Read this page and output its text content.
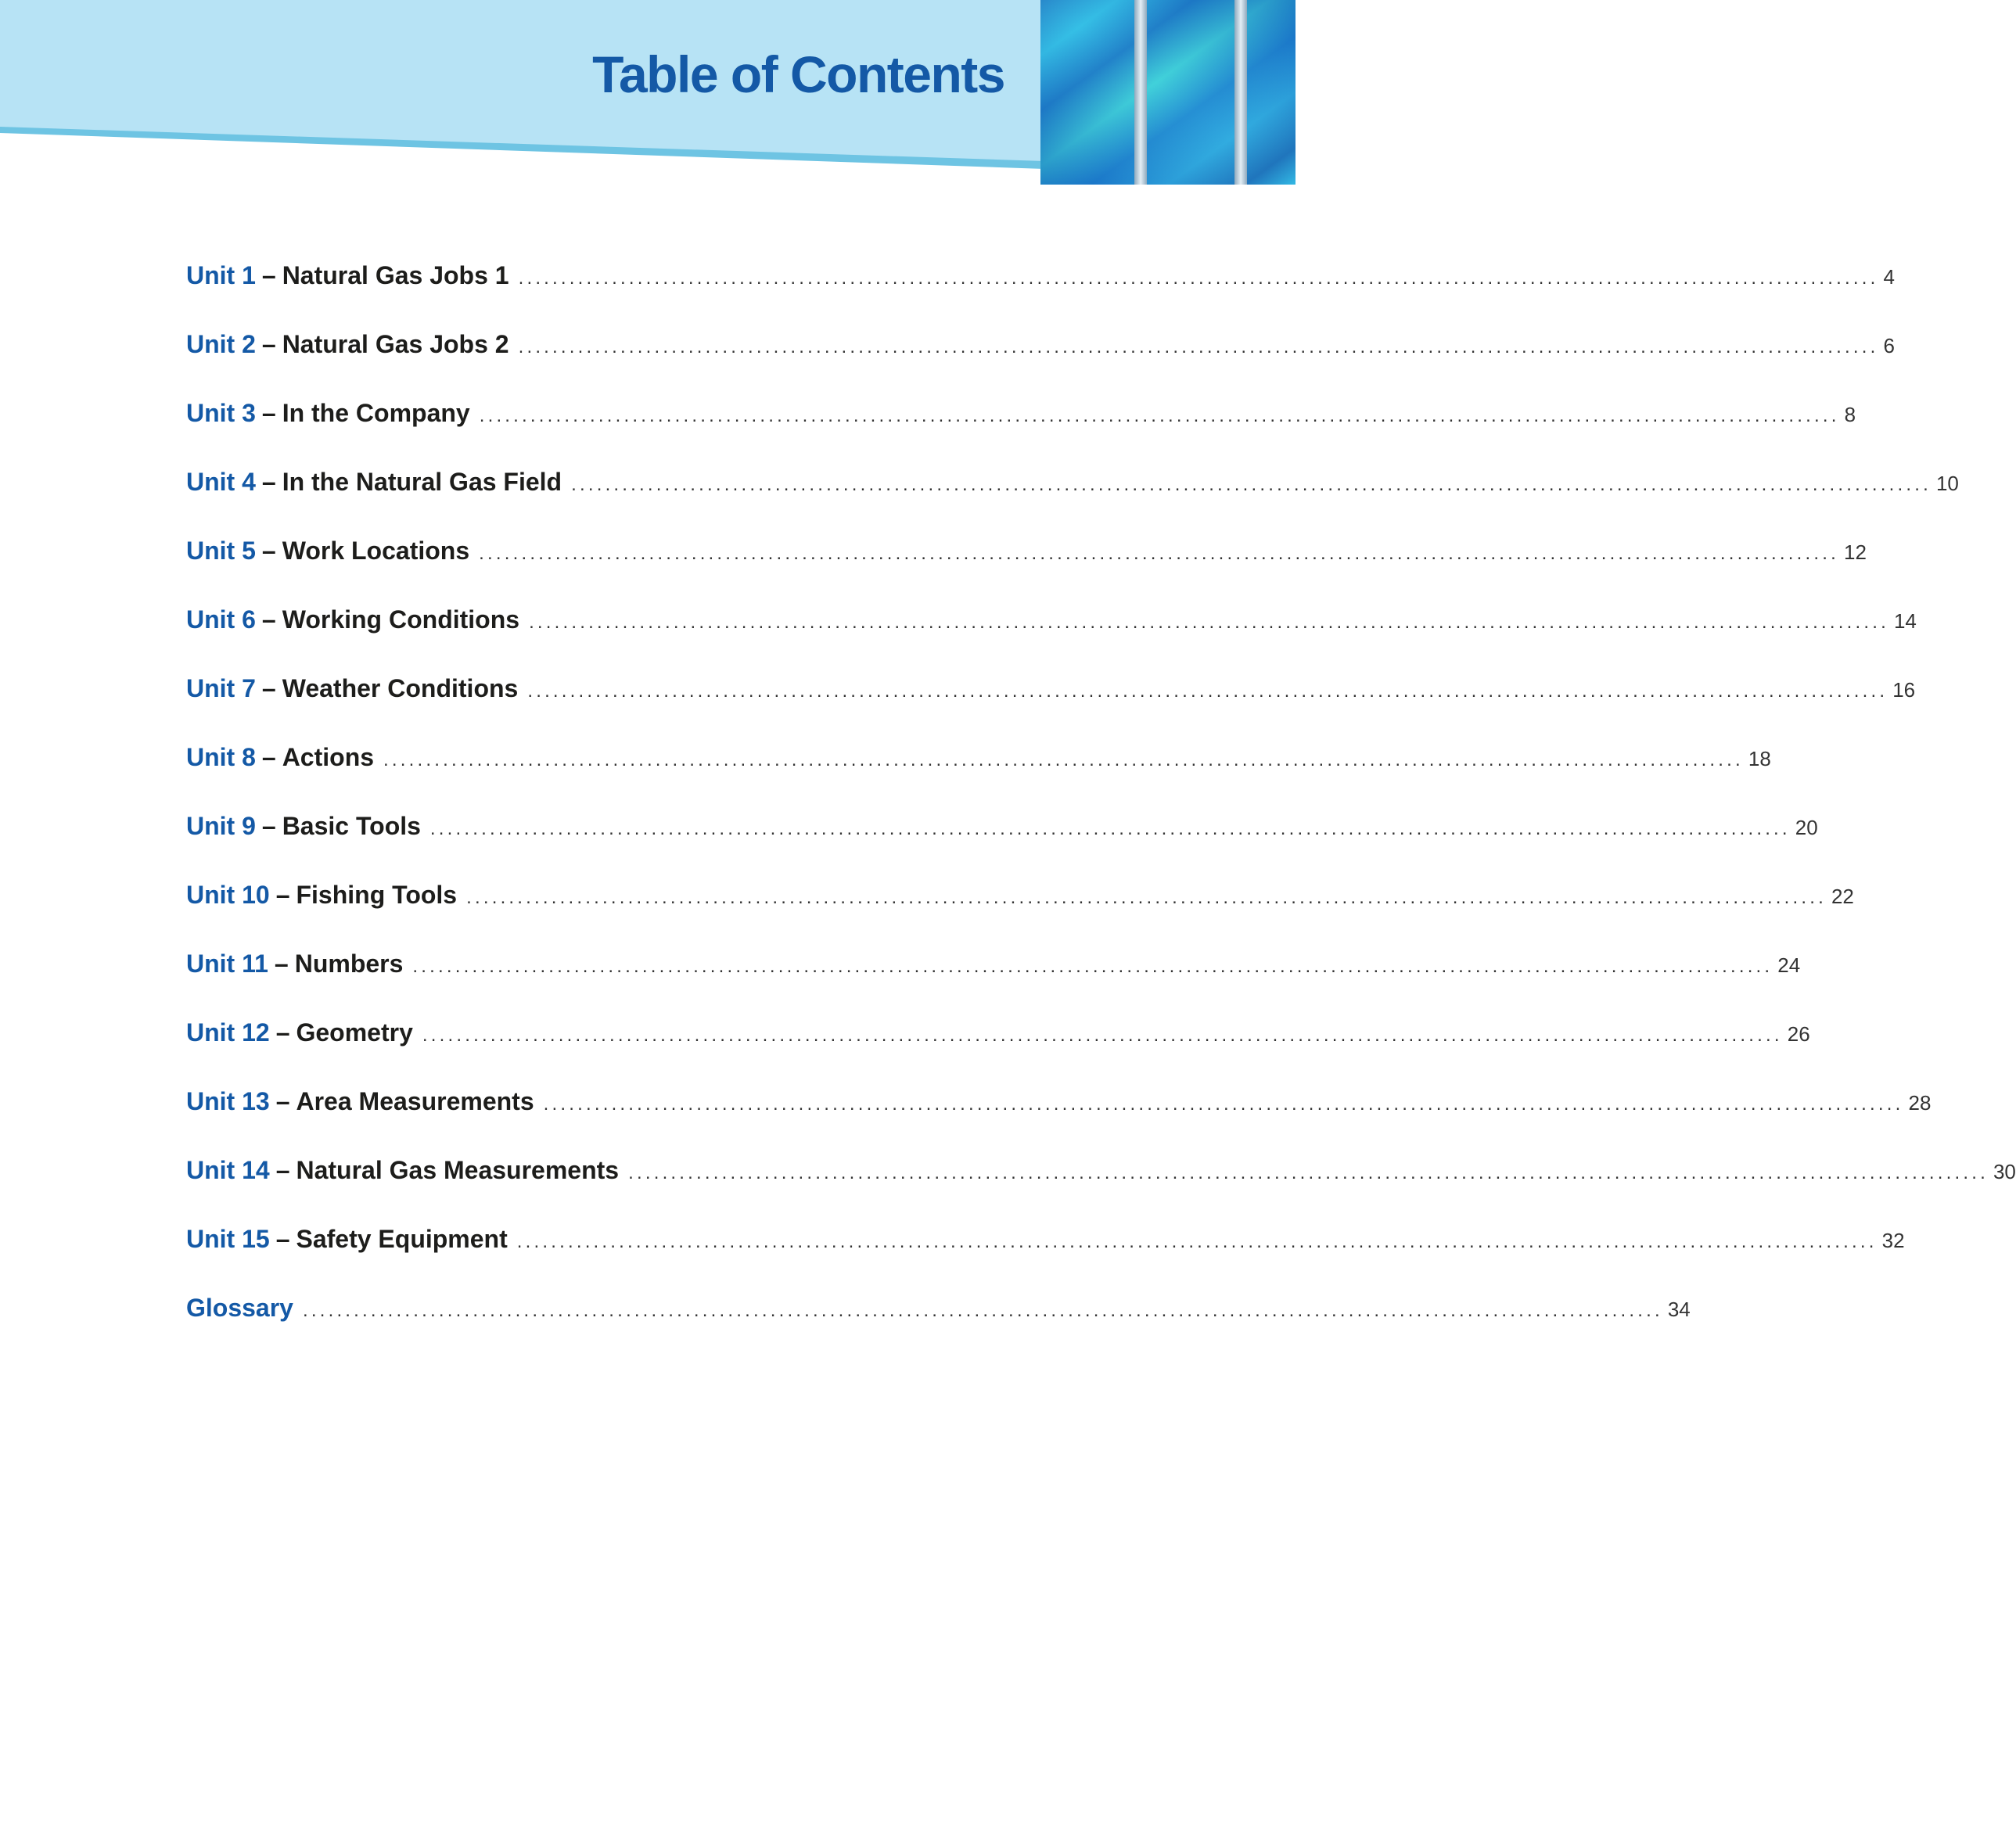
Table of Contents
Unit 1 – Natural Gas Jobs 1 ................................................................................................................................................................ 4
Unit 2 – Natural Gas Jobs 2 ................................................................................................................................................................ 6
Unit 3 – In the Company ................................................................................................................................................................ 8
Unit 4 – In the Natural Gas Field ................................................................................................................................................................ 10
Unit 5 – Work Locations ................................................................................................................................................................ 12
Unit 6 – Working Conditions ................................................................................................................................................................ 14
Unit 7 – Weather Conditions ................................................................................................................................................................ 16
Unit 8 – Actions ................................................................................................................................................................ 18
Unit 9 – Basic Tools ................................................................................................................................................................ 20
Unit 10 – Fishing Tools ................................................................................................................................................................ 22
Unit 11 – Numbers ................................................................................................................................................................ 24
Unit 12 – Geometry ................................................................................................................................................................ 26
Unit 13 – Area Measurements ................................................................................................................................................................ 28
Unit 14 – Natural Gas Measurements ................................................................................................................................................................ 30
Unit 15 – Safety Equipment ................................................................................................................................................................ 32
Glossary ................................................................................................................................................................ 34
